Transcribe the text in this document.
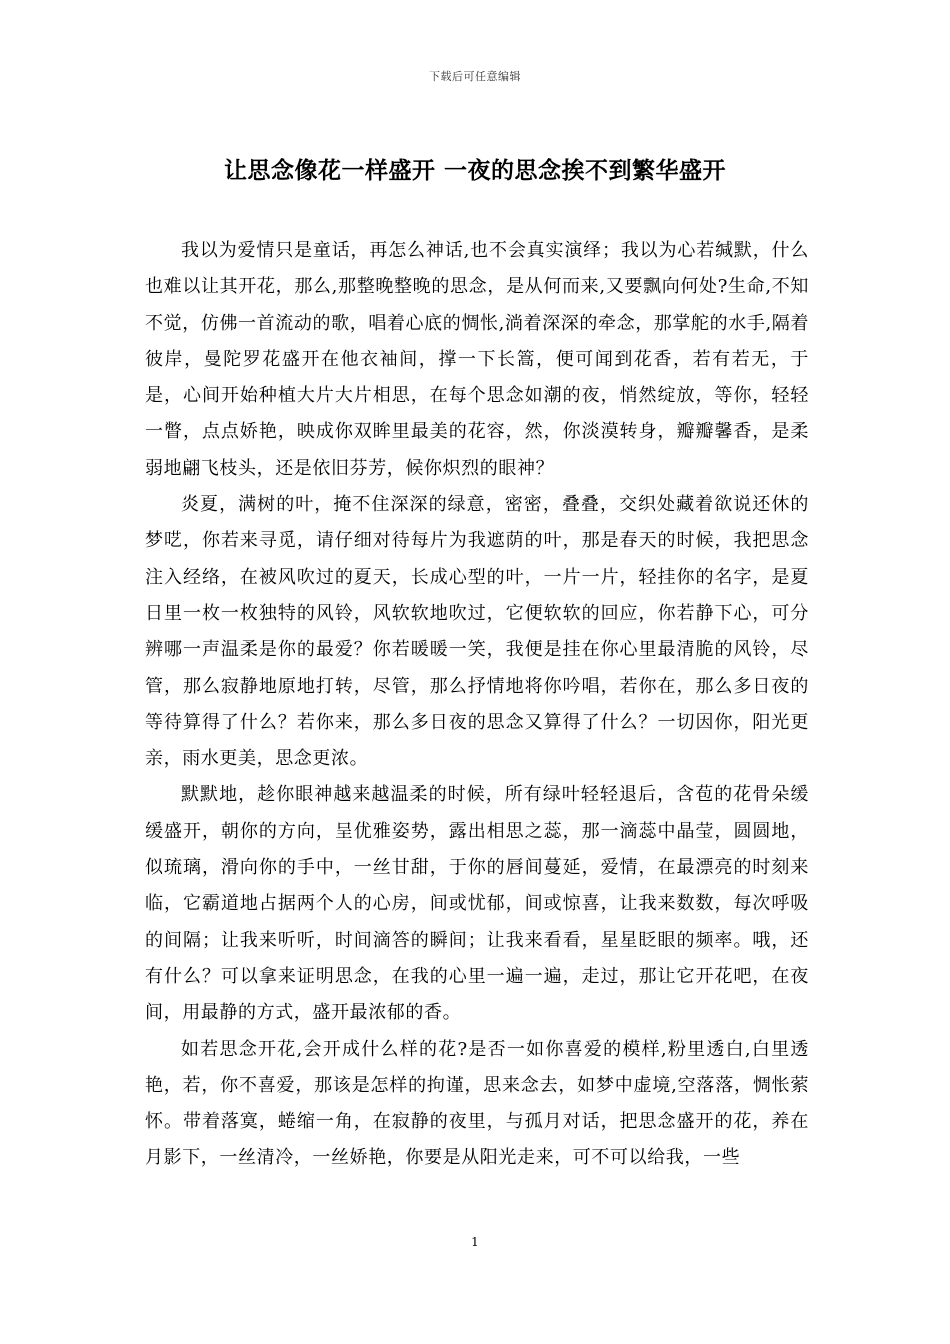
下载后可任意编辑
让思念像花一样盛开 一夜的思念挨不到繁华盛开

我以为爱情只是童话，再怎么神话,也不会真实演绎；我以为心若缄默，什么也难以让其开花，那么,那整晚整晚的思念，是从何而来,又要飘向何处?生命,不知不觉，仿佛一首流动的歌，唱着心底的惆怅,淌着深深的牵念，那掌舵的水手,隔着彼岸，曼陀罗花盛开在他衣袖间，撑一下长篙，便可闻到花香，若有若无，于是，心间开始种植大片大片相思，在每个思念如潮的夜，悄然绽放，等你，轻轻一瞥，点点娇艳，映成你双眸里最美的花容，然，你淡漠转身，瓣瓣馨香，是柔弱地翩飞枝头，还是依旧芬芳，候你炽烈的眼神？

炎夏，满树的叶，掩不住深深的绿意，密密，叠叠，交织处藏着欲说还休的梦呓，你若来寻觅，请仔细对待每片为我遮荫的叶，那是春天的时候，我把思念注入经络，在被风吹过的夏天，长成心型的叶，一片一片，轻挂你的名字，是夏日里一枚一枚独特的风铃，风软软地吹过，它便软软的回应，你若静下心，可分辨哪一声温柔是你的最爱？你若暖暖一笑，我便是挂在你心里最清脆的风铃，尽管，那么寂静地原地打转，尽管，那么抒情地将你吟唱，若你在，那么多日夜的等待算得了什么？若你来，那么多日夜的思念又算得了什么？一切因你，阳光更亲，雨水更美，思念更浓。

默默地，趁你眼神越来越温柔的时候，所有绿叶轻轻退后，含苞的花骨朵缓缓盛开，朝你的方向，呈优雅姿势，露出相思之蕊，那一滴蕊中晶莹，圆圆地，似琉璃，滑向你的手中，一丝甘甜，于你的唇间蔓延，爱情，在最漂亮的时刻来临，它霸道地占据两个人的心房，间或忧郁，间或惊喜，让我来数数，每次呼吸的间隔；让我来听听，时间滴答的瞬间；让我来看看，星星眨眼的频率。哦，还有什么？可以拿来证明思念，在我的心里一遍一遍，走过，那让它开花吧，在夜间，用最静的方式，盛开最浓郁的香。

如若思念开花,会开成什么样的花?是否一如你喜爱的模样,粉里透白,白里透艳，若，你不喜爱，那该是怎样的拘谨，思来念去，如梦中虚境,空落落，惆怅萦怀。带着落寞，蜷缩一角，在寂静的夜里，与孤月对话，把思念盛开的花，养在月影下，一丝清冷，一丝娇艳，你要是从阳光走来，可不可以给我，一些

1
